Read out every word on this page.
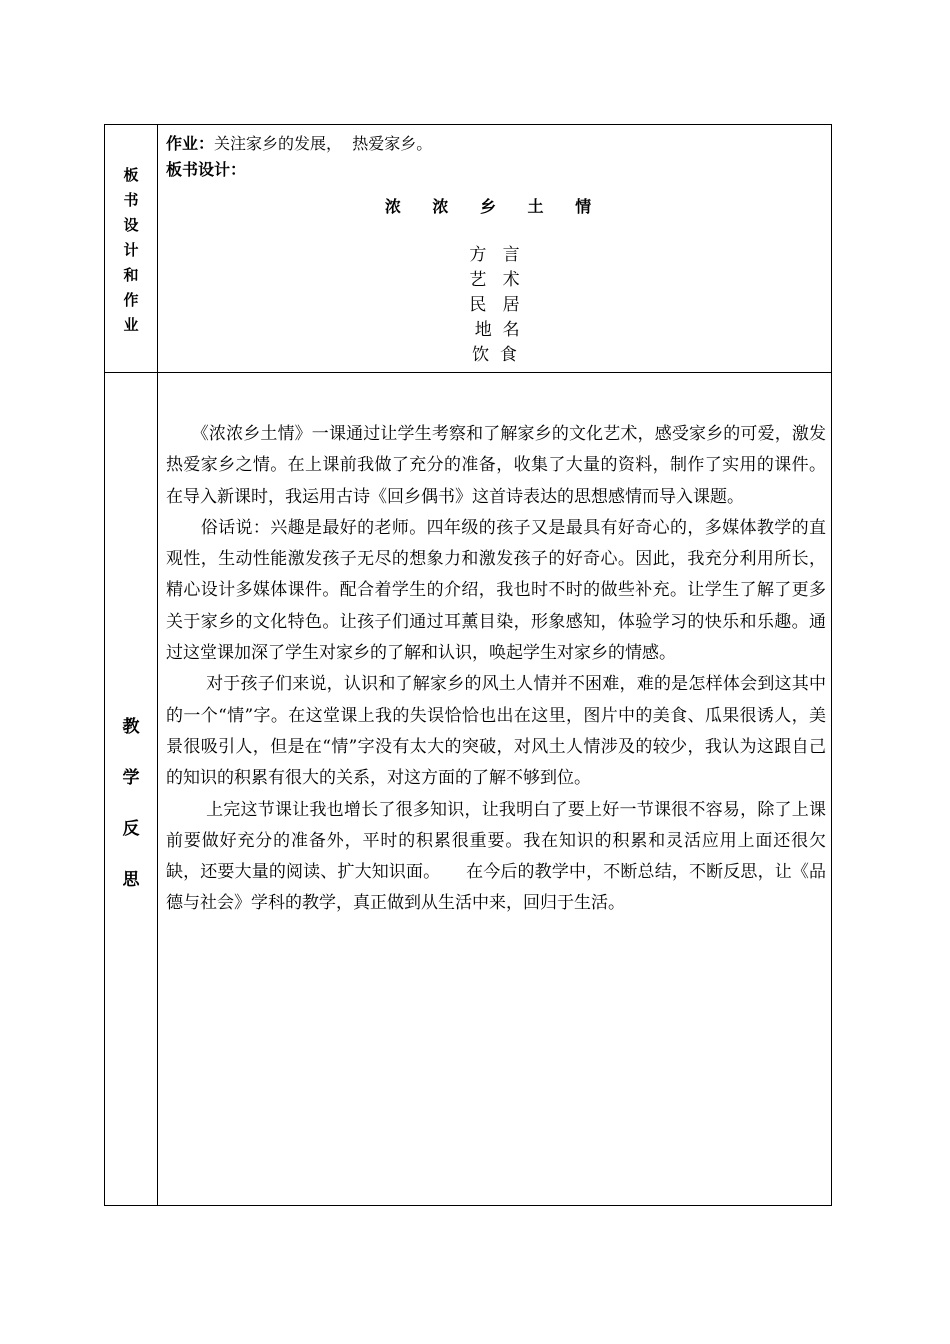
板
书
设
计
和
作
业
作业：关注家乡的发展，  热爱家乡。
板书设计：
浓 浓 乡 土 情
方   言
艺   术
民   居
地  名
饮  食
教
学
反
思

　　《浓浓乡土情》一课通过让学生考察和了解家乡的文化艺术，感受家乡的可爱，激发热爱家乡之情。在上课前我做了充分的准备，收集了大量的资料，制作了实用的课件。在导入新课时，我运用古诗《回乡偶书》这首诗表达的思想感情而导入课题。

　　俗话说：兴趣是最好的老师。四年级的孩子又是最具有好奇心的，多媒体教学的直观性，生动性能激发孩子无尽的想象力和激发孩子的好奇心。因此，我充分利用所长，精心设计多媒体课件。配合着学生的介绍，我也时不时的做些补充。让学生了解了更多关于家乡的文化特色。让孩子们通过耳薰目染，形象感知，体验学习的快乐和乐趣。通过这堂课加深了学生对家乡的了解和认识，唤起学生对家乡的情感。

　　 对于孩子们来说，认识和了解家乡的风土人情并不困难，难的是怎样体会到这其中的一个“情”字。在这堂课上我的失误恰恰也出在这里，图片中的美食、瓜果很诱人，美景很吸引人，但是在“情”字没有太大的突破，对风土人情涉及的较少，我认为这跟自己的知识的积累有很大的关系，对这方面的了解不够到位。

　　 上完这节课让我也增长了很多知识，让我明白了要上好一节课很不容易，除了上课前要做好充分的准备外，平时的积累很重要。我在知识的积累和灵活应用上面还很欠缺，还要大量的阅读、扩大知识面。　　在今后的教学中，不断总结，不断反思，让《品德与社会》学科的教学，真正做到从生活中来，回归于生活。
